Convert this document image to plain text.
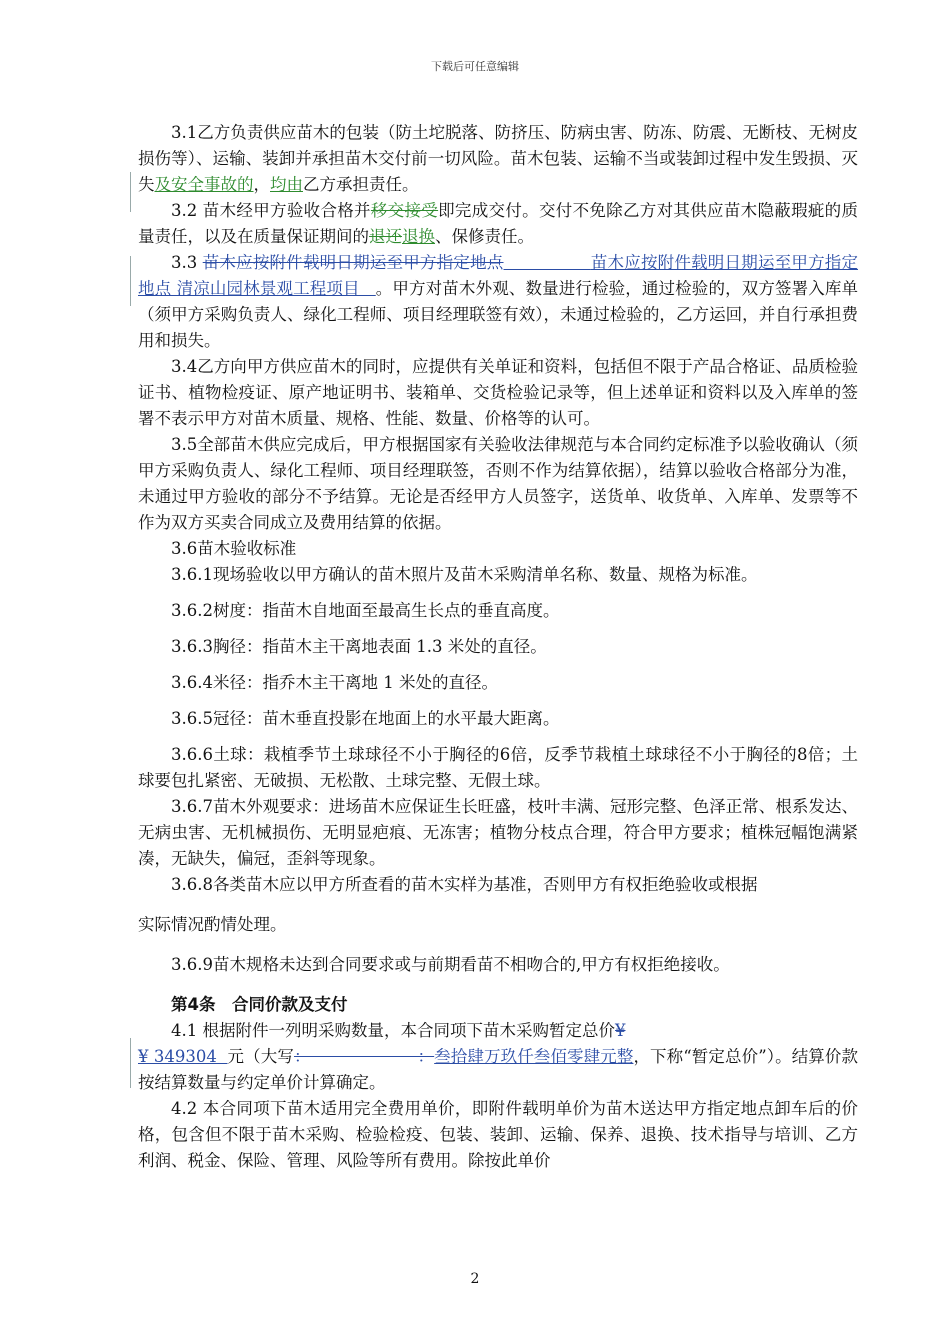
下载后可任意编辑

3.1乙方负责供应苗木的包装（防土坨脱落、防挤压、防病虫害、防冻、防震、无断枝、无树皮损伤等）、运输、装卸并承担苗木交付前一切风险。苗木包装、运输不当或装卸过程中发生毁损、灭失及安全事故的，均由乙方承担责任。

3.2 苗木经甲方验收合格并移交接受即完成交付。交付不免除乙方对其供应苗木隐蔽瑕疵的质量责任，以及在质量保证期间的退还退换、保修责任。

3.3 苗木应按附件载明日期运至甲方指定地点	苗木应按附件载明日期运至甲方指定地点 清凉山园林景观工程项目   。甲方对苗木外观、数量进行检验，通过检验的，双方签署入库单（须甲方采购负责人、绿化工程师、项目经理联签有效），未通过检验的，乙方运回，并自行承担费用和损失。

3.4乙方向甲方供应苗木的同时，应提供有关单证和资料，包括但不限于产品合格证、品质检验证书、植物检疫证、原产地证明书、装箱单、交货检验记录等，但上述单证和资料以及入库单的签署不表示甲方对苗木质量、规格、性能、数量、价格等的认可。

3.5全部苗木供应完成后，甲方根据国家有关验收法律规范与本合同约定标准予以验收确认（须甲方采购负责人、绿化工程师、项目经理联签，否则不作为结算依据），结算以验收合格部分为准，未通过甲方验收的部分不予结算。无论是否经甲方人员签字，送货单、收货单、入库单、发票等不作为双方买卖合同成立及费用结算的依据。

3.6苗木验收标准

3.6.1现场验收以甲方确认的苗木照片及苗木采购清单名称、数量、规格为标准。

3.6.2树度：指苗木自地面至最高生长点的垂直高度。

3.6.3胸径：指苗木主干离地表面 1.3 米处的直径。

3.6.4米径：指乔木主干离地 1 米处的直径。

3.6.5冠径：苗木垂直投影在地面上的水平最大距离。

3.6.6土球：栽植季节土球球径不小于胸径的6倍，反季节栽植土球球径不小于胸径的8倍；土球要包扎紧密、无破损、无松散、土球完整、无假土球。

3.6.7苗木外观要求：进场苗木应保证生长旺盛，枝叶丰满、冠形完整、色泽正常、根系发达、无病虫害、无机械损伤、无明显疤痕、无冻害；植物分枝点合理，符合甲方要求；植株冠幅饱满紧凑，无缺失，偏冠，歪斜等现象。

3.6.8各类苗木应以甲方所查看的苗木实样为基准，否则甲方有权拒绝验收或根据

实际情况酌情处理。

3.6.9苗木规格未达到合同要求或与前期看苗不相吻合的,甲方有权拒绝接收。

第4条　合同价款及支付

4.1 根据附件一列明采购数量，本合同项下苗木采购暂定总价¥
¥ 349304  元（大写：                    ：叁拾肆万玖仟叁佰零肆元整，下称“暂定总价”）。结算价款按结算数量与约定单价计算确定。

4.2 本合同项下苗木适用完全费用单价，即附件载明单价为苗木送达甲方指定地点卸车后的价格，包含但不限于苗木采购、检验检疫、包装、装卸、运输、保养、退换、技术指导与培训、乙方利润、税金、保险、管理、风险等所有费用。除按此单价

2
